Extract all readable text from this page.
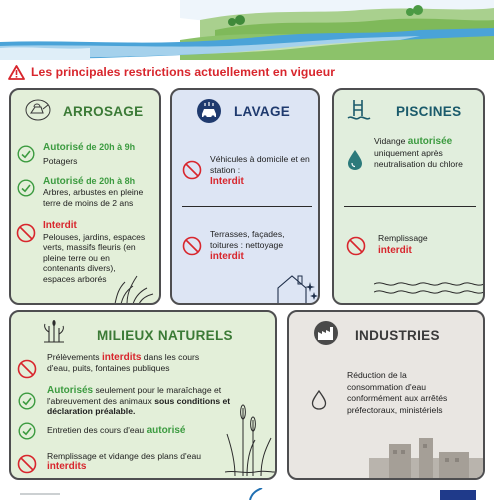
Les principales restrictions actuellement en vigueur
ARROSAGE
Autorisé de 20h à 9h
Potagers
Autorisé de 20h à 8h
Arbres, arbustes en pleine terre de moins de 2 ans
Interdit
Pelouses, jardins, espaces verts, massifs fleuris (en pleine terre ou en contenants divers), espaces arborés
LAVAGE
Véhicules à domicile et en station :
Interdit
Terrasses, façades, toitures : nettoyage
interdit
PISCINES
Vidange autorisée uniquement après neutralisation du chlore
Remplissage
interdit
MILIEUX NATURELS
Prélèvements interdits dans les cours d'eau, puits, fontaines publiques
Autorisés seulement pour le maraîchage et l'abreuvement des animaux sous conditions et déclaration préalable.
Entretien des cours d'eau autorisé
Remplissage et vidange des plans d'eau interdits
INDUSTRIES
Réduction de la consommation d'eau conformément aux arrêtés préfectoraux, ministériels
